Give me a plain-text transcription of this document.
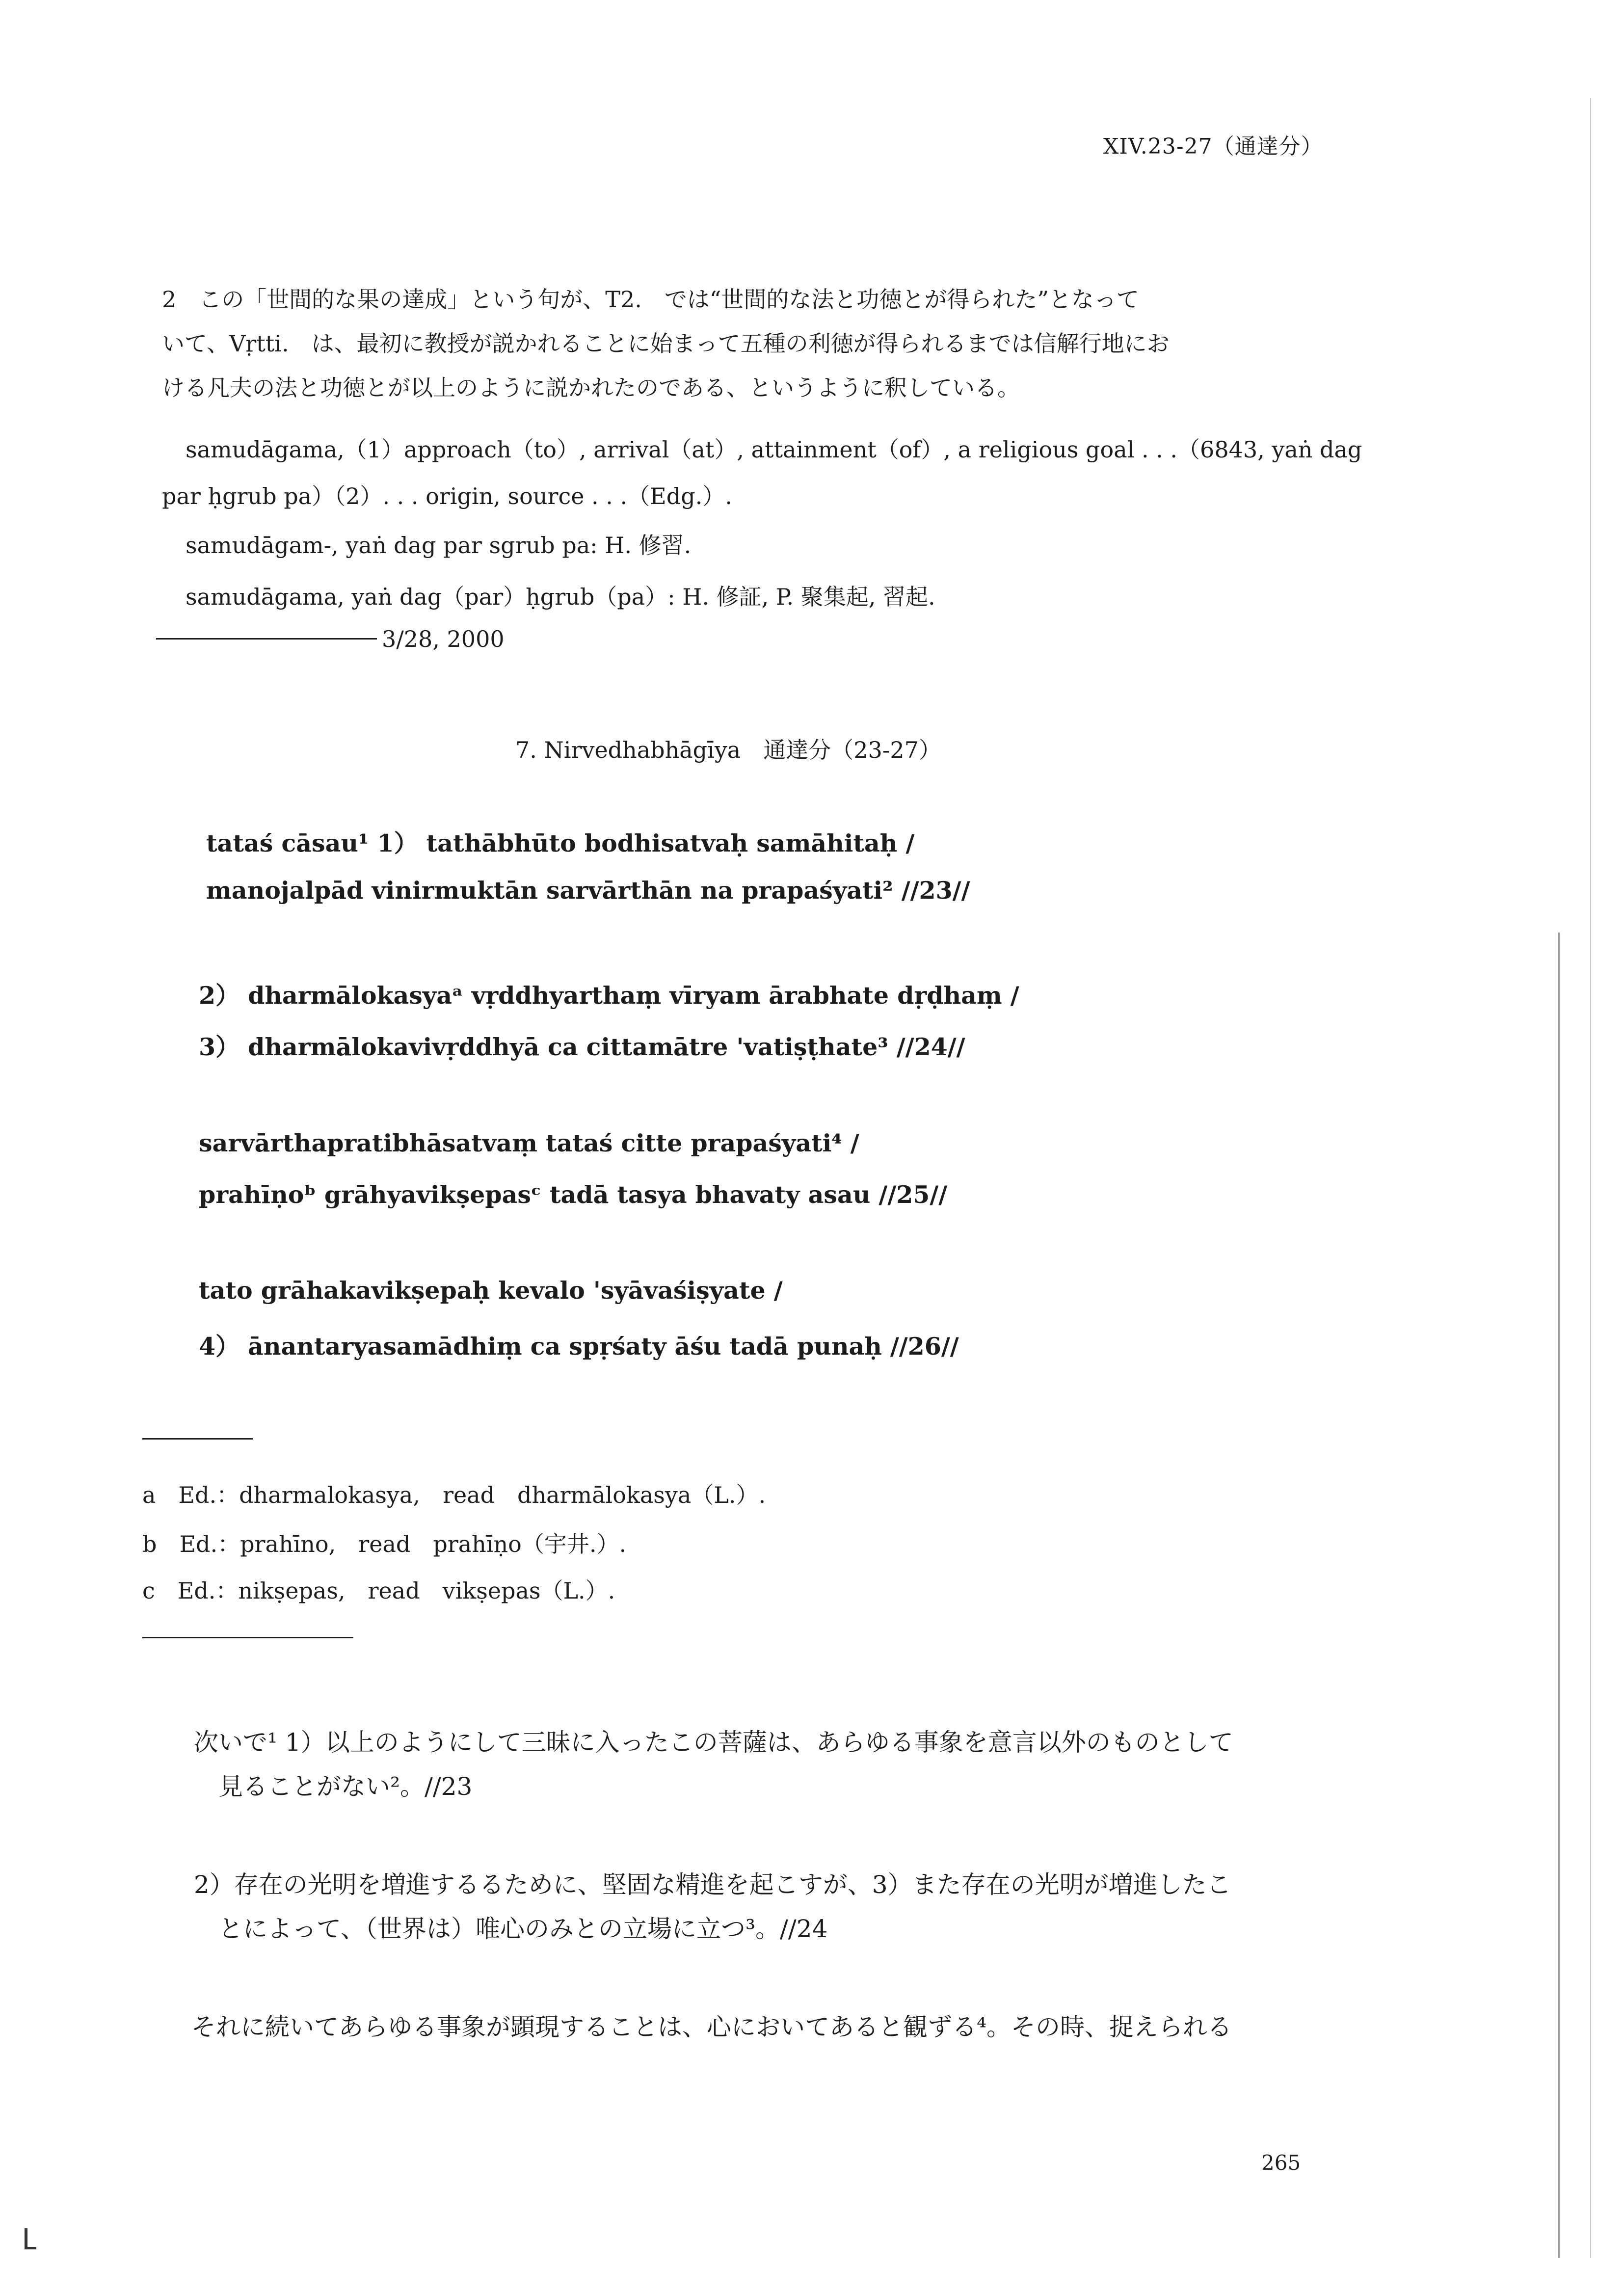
XIV.23-27（通達分）
2　この「世間的な果の達成」という句が、T2.　では“世間的な法と功徳とが得られた”となって
いて、Vṛtti.　は、最初に教授が説かれることに始まって五種の利徳が得られるまでは信解行地にお
ける凡夫の法と功徳とが以上のように説かれたのである、というように釈している。
samudāgama,（1）approach（to）, arrival（at）, attainment（of）, a religious goal . . .（6843, yaṅ dag
par ḥgrub pa）（2）. . . origin, source . . .（Edg.）.
samudāgam-, yaṅ dag par sgrub pa: H. 修習.
samudāgama, yaṅ dag（par）ḥgrub（pa）: H. 修証, P. 聚集起, 習起.
3/28, 2000
7. Nirvedhabhāgīya　通達分（23-27）
tataś cāsau¹ 1） tathābhūto bodhisatvaḥ samāhitaḥ /
manojalpād vinirmuktān sarvārthān na prapaśyati² //23//
2） dharmālokasyaᵃ vṛddhyarthaṃ vīryam ārabhate dṛḍhaṃ /
3） dharmālokavivṛddhyā ca cittamātre 'vatiṣṭhate³ //24//
sarvārthapratibhāsatvaṃ tataś citte prapaśyati⁴ /
prahīṇoᵇ grāhyavikṣepasᶜ tadā tasya bhavaty asau //25//
tato grāhakavikṣepaḥ kevalo 'syāvaśiṣyate /
4） ānantaryasamādhiṃ ca spṛśaty āśu tadā punaḥ //26//
a　Ed.：dharmalokasya,　read　dharmālokasya（L.）.
b　Ed.：prahīno,　read　prahīṇo（宇井.）.
c　Ed.：nikṣepas,　read　vikṣepas（L.）.
次いで¹ 1）以上のようにして三昧に入ったこの菩薩は、あらゆる事象を意言以外のものとして
見ることがない²。//23
2）存在の光明を増進するるために、堅固な精進を起こすが、3）また存在の光明が増進したこ
とによって、（世界は）唯心のみとの立場に立つ³。//24
それに続いてあらゆる事象が顕現することは、心においてあると観ずる⁴。その時、捉えられる
265
